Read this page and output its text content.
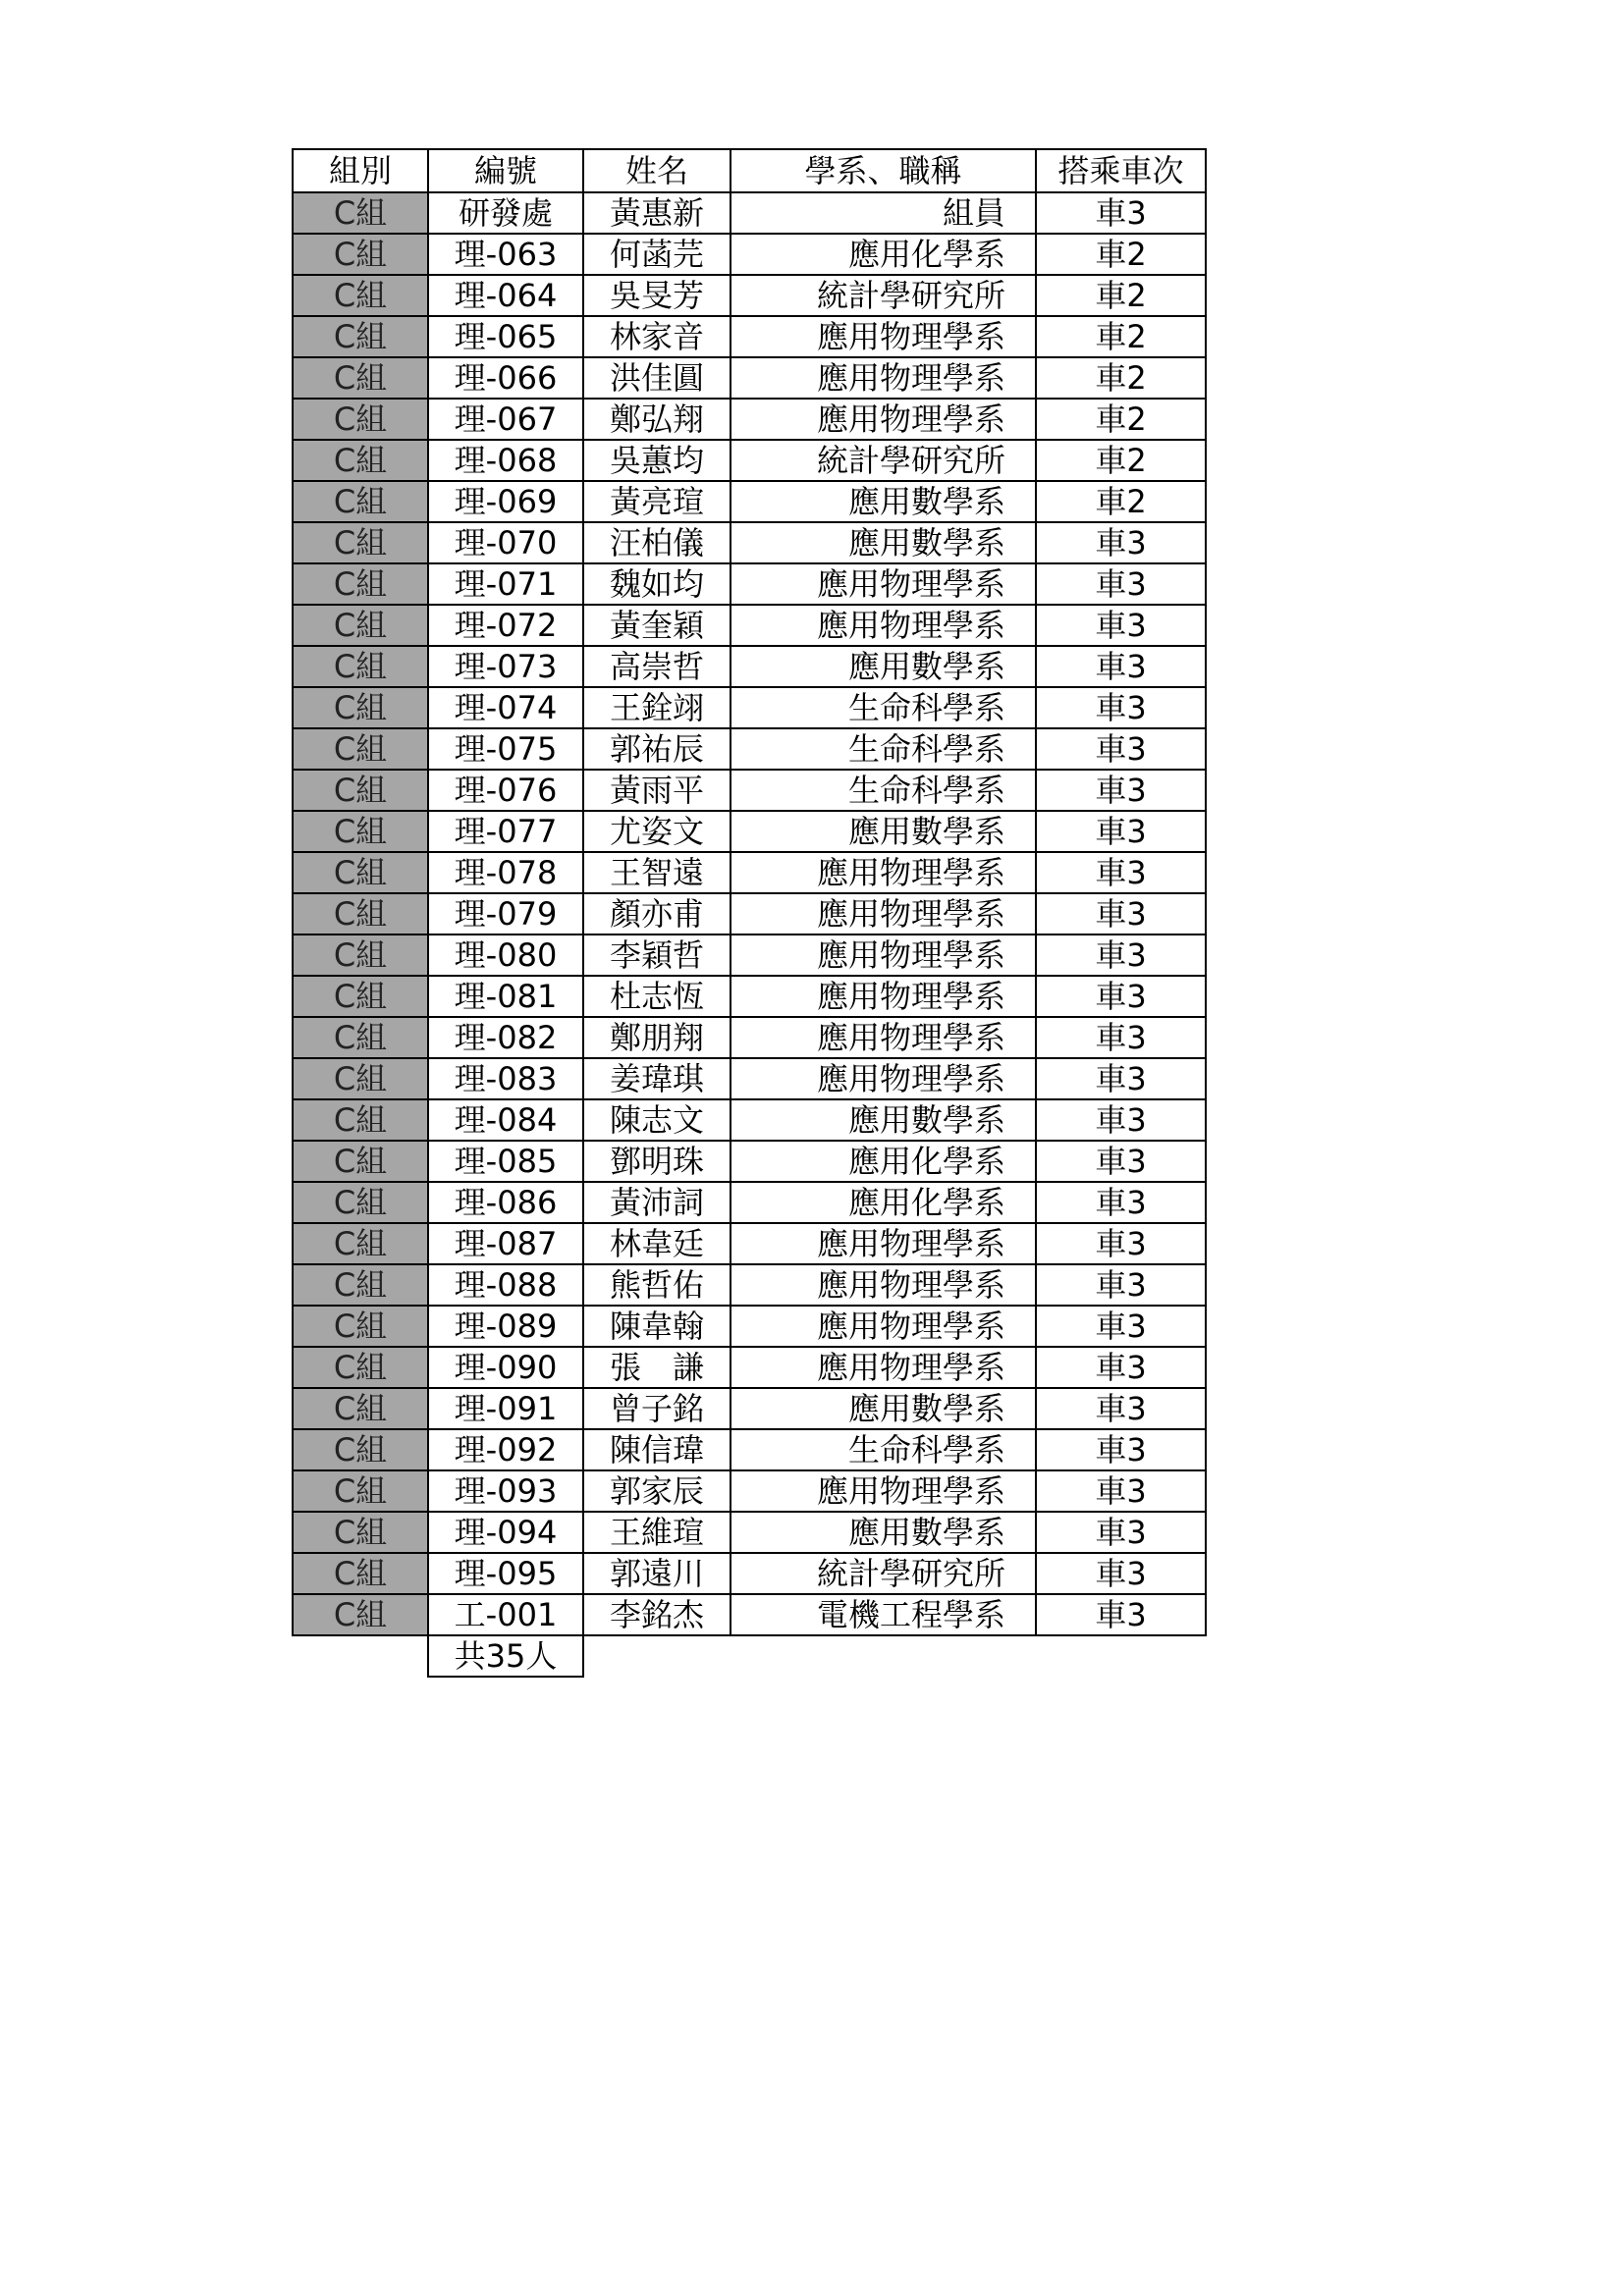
組別	編號	姓名	學系、職稱	搭乘車次
C組	研發處	黃惠新	組員	車3
C組	理-063	何菡芫	應用化學系	車2
C組	理-064	吳旻芳	統計學研究所	車2
C組	理-065	林家音	應用物理學系	車2
C組	理-066	洪佳圓	應用物理學系	車2
C組	理-067	鄭弘翔	應用物理學系	車2
C組	理-068	吳蕙均	統計學研究所	車2
C組	理-069	黃亮瑄	應用數學系	車2
C組	理-070	汪柏儀	應用數學系	車3
C組	理-071	魏如均	應用物理學系	車3
C組	理-072	黃奎穎	應用物理學系	車3
C組	理-073	高崇哲	應用數學系	車3
C組	理-074	王銓翊	生命科學系	車3
C組	理-075	郭祐辰	生命科學系	車3
C組	理-076	黃雨平	生命科學系	車3
C組	理-077	尤姿文	應用數學系	車3
C組	理-078	王智遠	應用物理學系	車3
C組	理-079	顏亦甫	應用物理學系	車3
C組	理-080	李穎哲	應用物理學系	車3
C組	理-081	杜志恆	應用物理學系	車3
C組	理-082	鄭朋翔	應用物理學系	車3
C組	理-083	姜瑋琪	應用物理學系	車3
C組	理-084	陳志文	應用數學系	車3
C組	理-085	鄧明珠	應用化學系	車3
C組	理-086	黃沛詞	應用化學系	車3
C組	理-087	林韋廷	應用物理學系	車3
C組	理-088	熊哲佑	應用物理學系	車3
C組	理-089	陳韋翰	應用物理學系	車3
C組	理-090	張　謙	應用物理學系	車3
C組	理-091	曾子銘	應用數學系	車3
C組	理-092	陳信瑋	生命科學系	車3
C組	理-093	郭家辰	應用物理學系	車3
C組	理-094	王維瑄	應用數學系	車3
C組	理-095	郭遠川	統計學研究所	車3
C組	工-001	李銘杰	電機工程學系	車3
	共35人			
